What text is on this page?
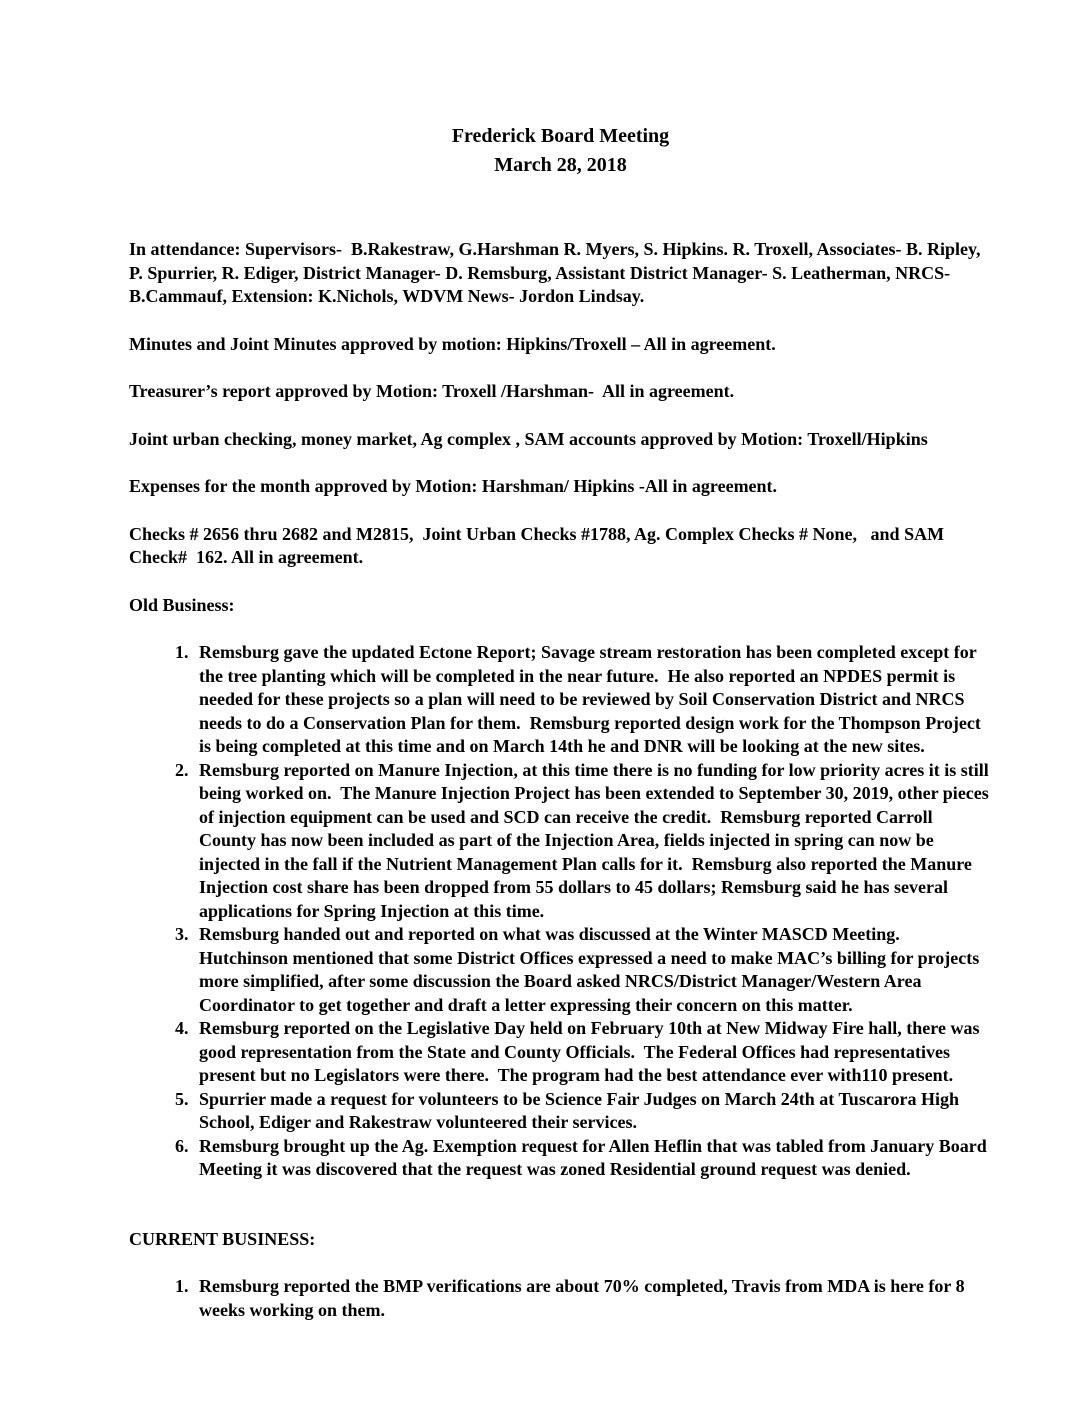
Frederick Board Meeting
March 28, 2018

In attendance: Supervisors-  B.Rakestraw, G.Harshman R. Myers, S. Hipkins. R. Troxell, Associates- B. Ripley, P. Spurrier, R. Ediger, District Manager- D. Remsburg, Assistant District Manager- S. Leatherman, NRCS- B.Cammauf, Extension: K.Nichols, WDVM News- Jordon Lindsay.

Minutes and Joint Minutes approved by motion: Hipkins/Troxell – All in agreement.

Treasurer’s report approved by Motion: Troxell /Harshman-  All in agreement.

Joint urban checking, money market, Ag complex , SAM accounts approved by Motion: Troxell/Hipkins

Expenses for the month approved by Motion: Harshman/ Hipkins -All in agreement.

Checks # 2656 thru 2682 and M2815,  Joint Urban Checks #1788, Ag. Complex Checks # None,   and SAM Check#  162. All in agreement.

Old Business:

1. Remsburg gave the updated Ectone Report; Savage stream restoration has been completed except for the tree planting which will be completed in the near future.  He also reported an NPDES permit is needed for these projects so a plan will need to be reviewed by Soil Conservation District and NRCS needs to do a Conservation Plan for them.  Remsburg reported design work for the Thompson Project is being completed at this time and on March 14th he and DNR will be looking at the new sites.
2. Remsburg reported on Manure Injection, at this time there is no funding for low priority acres it is still being worked on.  The Manure Injection Project has been extended to September 30, 2019, other pieces of injection equipment can be used and SCD can receive the credit.  Remsburg reported Carroll County has now been included as part of the Injection Area, fields injected in spring can now be injected in the fall if the Nutrient Management Plan calls for it.  Remsburg also reported the Manure Injection cost share has been dropped from 55 dollars to 45 dollars; Remsburg said he has several applications for Spring Injection at this time.
3. Remsburg handed out and reported on what was discussed at the Winter MASCD Meeting.  Hutchinson mentioned that some District Offices expressed a need to make MAC’s billing for projects more simplified, after some discussion the Board asked NRCS/District Manager/Western Area Coordinator to get together and draft a letter expressing their concern on this matter.
4. Remsburg reported on the Legislative Day held on February 10th at New Midway Fire hall, there was good representation from the State and County Officials.  The Federal Offices had representatives present but no Legislators were there.  The program had the best attendance ever with110 present.
5. Spurrier made a request for volunteers to be Science Fair Judges on March 24th at Tuscarora High School, Ediger and Rakestraw volunteered their services.
6. Remsburg brought up the Ag. Exemption request for Allen Heflin that was tabled from January Board Meeting it was discovered that the request was zoned Residential ground request was denied.

CURRENT BUSINESS:

1. Remsburg reported the BMP verifications are about 70% completed, Travis from MDA is here for 8 weeks working on them.
